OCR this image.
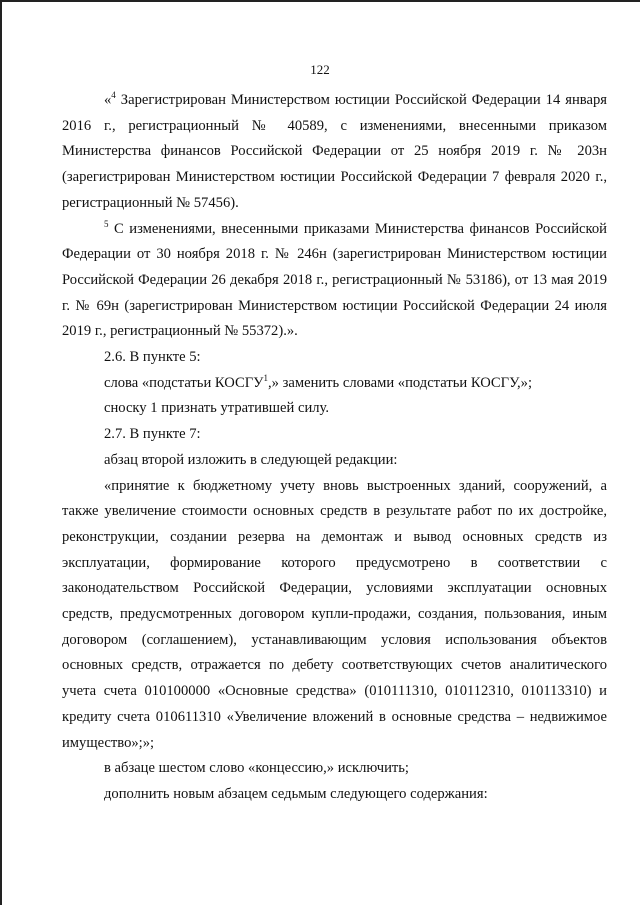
122

«$^4$ Зарегистрирован Министерством юстиции Российской Федерации 14 января 2016 г., регистрационный № 40589, с изменениями, внесенными приказом Министерства финансов Российской Федерации от 25 ноября 2019 г. № 203н (зарегистрирован Министерством юстиции Российской Федерации 7 февраля 2020 г., регистрационный № 57456).

$^5$ С изменениями, внесенными приказами Министерства финансов Российской Федерации от 30 ноября 2018 г. № 246н (зарегистрирован Министерством юстиции Российской Федерации 26 декабря 2018 г., регистрационный № 53186), от 13 мая 2019 г. № 69н (зарегистрирован Министерством юстиции Российской Федерации 24 июля 2019 г., регистрационный № 55372).».

2.6. В пункте 5:

слова «подстатьи КОСГУ$^1$,» заменить словами «подстатьи КОСГУ,»;

сноску 1 признать утратившей силу.

2.7. В пункте 7:

абзац второй изложить в следующей редакции:

«принятие к бюджетному учету вновь выстроенных зданий, сооружений, а также увеличение стоимости основных средств в результате работ по их достройке, реконструкции, создании резерва на демонтаж и вывод основных средств из эксплуатации, формирование которого предусмотрено в соответствии с законодательством Российской Федерации, условиями эксплуатации основных средств, предусмотренных договором купли-продажи, создания, пользования, иным договором (соглашением), устанавливающим условия использования объектов основных средств, отражается по дебету соответствующих счетов аналитического учета счета 010100000 «Основные средства» (010111310, 010112310, 010113310) и кредиту счета 010611310 «Увеличение вложений в основные средства – недвижимое имущество»;»;

в абзаце шестом слово «концессию,» исключить;

дополнить новым абзацем седьмым следующего содержания:
